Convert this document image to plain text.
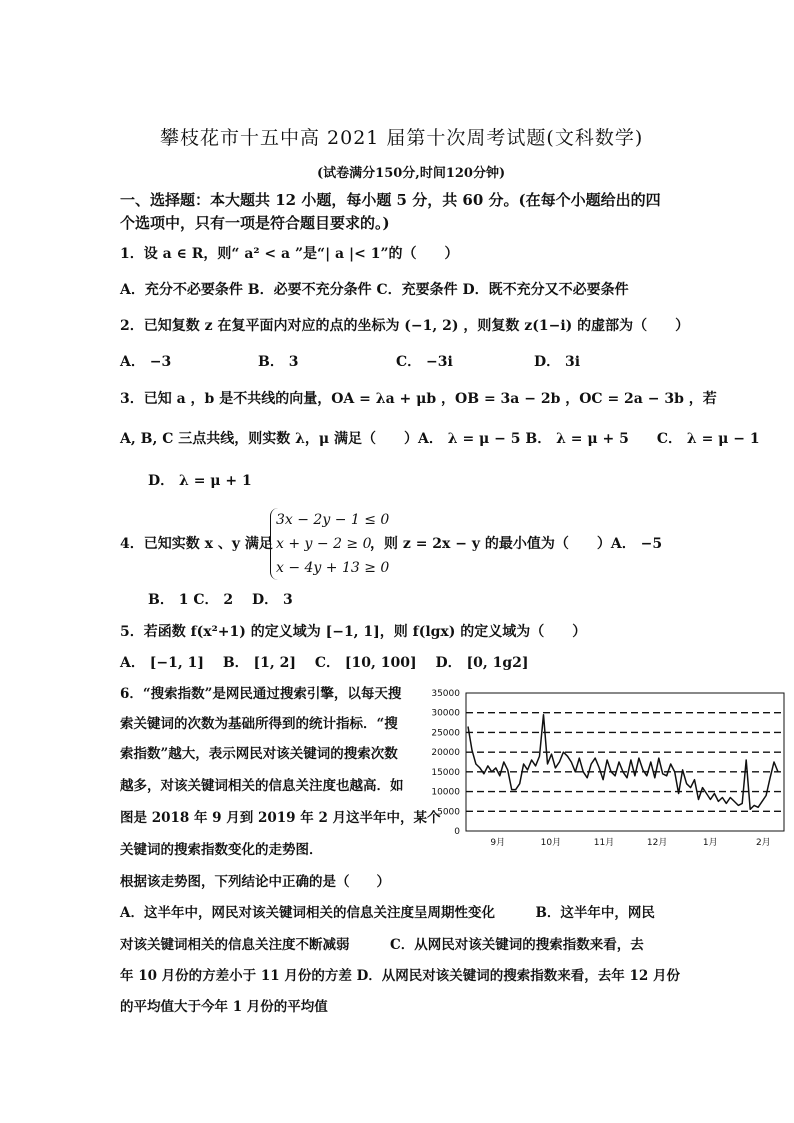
攀枝花市十五中高 2021 届第十次周考试题(文科数学)
(试卷满分150分,时间120分钟)
一、选择题：本大题共 12 小题，每小题 5 分，共 60 分。(在每个小题给出的四
个选项中，只有一项是符合题目要求的。)
1．设 a ∈ R，则“ a² < a ”是“| a |< 1”的（　　）
A．充分不必要条件 B．必要不充分条件 C．充要条件 D．既不充分又不必要条件
2．已知复数 z 在复平面内对应的点的坐标为 (−1, 2) ，则复数 z(1−i) 的虚部为（　　）
A． −3	B． 3	C． −3i	D． 3i
3．已知 a ，b 是不共线的向量，OA = λa + μb ，OB = 3a − 2b ，OC = 2a − 3b ，若
A, B, C 三点共线，则实数 λ，μ 满足（　　）A． λ = μ − 5 B． λ = μ + 5　　C． λ = μ − 1
D． λ = μ + 1
4．已知实数 x 、y 满足
3x − 2y − 1 ≤ 0
x + y − 2 ≥ 0
x − 4y + 13 ≥ 0
，则 z = 2x − y 的最小值为（　　）A． −5
B． 1 C． 2　 D． 3
5．若函数 f(x²+1) 的定义域为 [−1, 1]，则 f(lgx) 的定义域为（　　）
A． [−1, 1]　 B． [1, 2]　 C． [10, 100]　 D． [0, 1g2]
6．“搜索指数”是网民通过搜索引擎，以每天搜
索关键词的次数为基础所得到的统计指标．“搜
索指数”越大，表示网民对该关键词的搜索次数
越多，对该关键词相关的信息关注度也越高．如
图是 2018 年 9 月到 2019 年 2 月这半年中，某个
关键词的搜索指数变化的走势图．
根据该走势图，下列结论中正确的是（　　）
A．这半年中，网民对该关键词相关的信息关注度呈周期性变化　　　B．这半年中，网民
对该关键词相关的信息关注度不断减弱　　　C．从网民对该关键词的搜索指数来看，去
年 10 月份的方差小于 11 月份的方差 D．从网民对该关键词的搜索指数来看，去年 12 月份
的平均值大于今年 1 月份的平均值
0
5000
10000
15000
20000
25000
30000
35000
9月	10月	11月	12月	1月	2月
